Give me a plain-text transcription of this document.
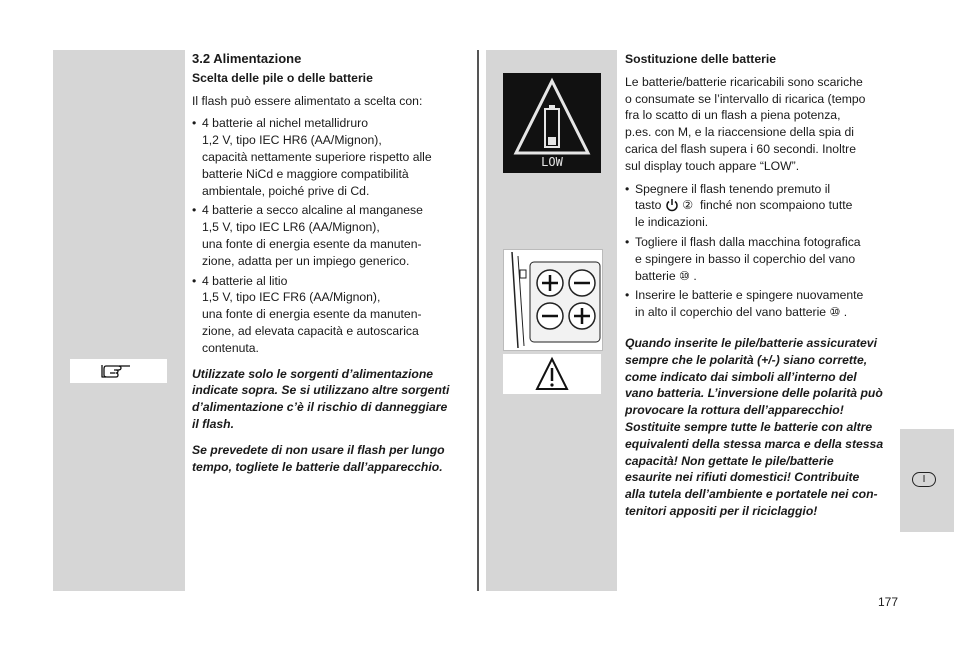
I
LOW

3.2 Alimentazione

Scelta delle pile o delle batterie

Il flash può essere alimentato a scelta con:

• 4 batterie al nichel metallidruro
1,2 V, tipo IEC HR6 (AA/Mignon),
capacità nettamente superiore rispetto alle
batterie NiCd e maggiore compatibilità
ambientale, poiché prive di Cd.
• 4 batterie a secco alcaline al manganese
1,5 V, tipo IEC LR6 (AA/Mignon),
una fonte di energia esente da manuten-
zione, adatta per un impiego generico.
• 4 batterie al litio
1,5 V, tipo IEC FR6 (AA/Mignon),
una fonte di energia esente da manuten-
zione, ad elevata capacità e autoscarica
contenuta.
Utilizzate solo le sorgenti d’alimentazione
indicate sopra. Se si utilizzano altre sorgenti
d’alimentazione c’è il rischio di danneggiare
il flash.
Se prevedete di non usare il flash per lungo
tempo, togliete le batterie dall’apparecchio.

Sostituzione delle batterie

Le batterie/batterie ricaricabili sono scariche
o consumate se l’intervallo di ricarica (tempo
fra lo scatto di un flash a piena potenza,
p.es. con M, e la riaccensione della spia di
carica del flash supera i 60 secondi. Inoltre
sul display touch appare “LOW”.
• Spegnere il flash tenendo premuto il
tasto ② finché non scompaiono tutte
le indicazioni.
• Togliere il flash dalla macchina fotografica
e spingere in basso il coperchio del vano
batterie ⑩ .
• Inserire le batterie e spingere nuovamente
in alto il coperchio del vano batterie ⑩ .
Quando inserite le pile/batterie assicuratevi
sempre che le polarità (+/-) siano corrette,
come indicato dai simboli all’interno del
vano batteria. L’inversione delle polarità può
provocare la rottura dell’apparecchio!
Sostituite sempre tutte le batterie con altre
equivalenti della stessa marca e della stessa
capacità! Non gettate le pile/batterie
esaurite nei rifiuti domestici! Contribuite
alla tutela dell’ambiente e portatele nei con-
tenitori appositi per il riciclaggio!
177
